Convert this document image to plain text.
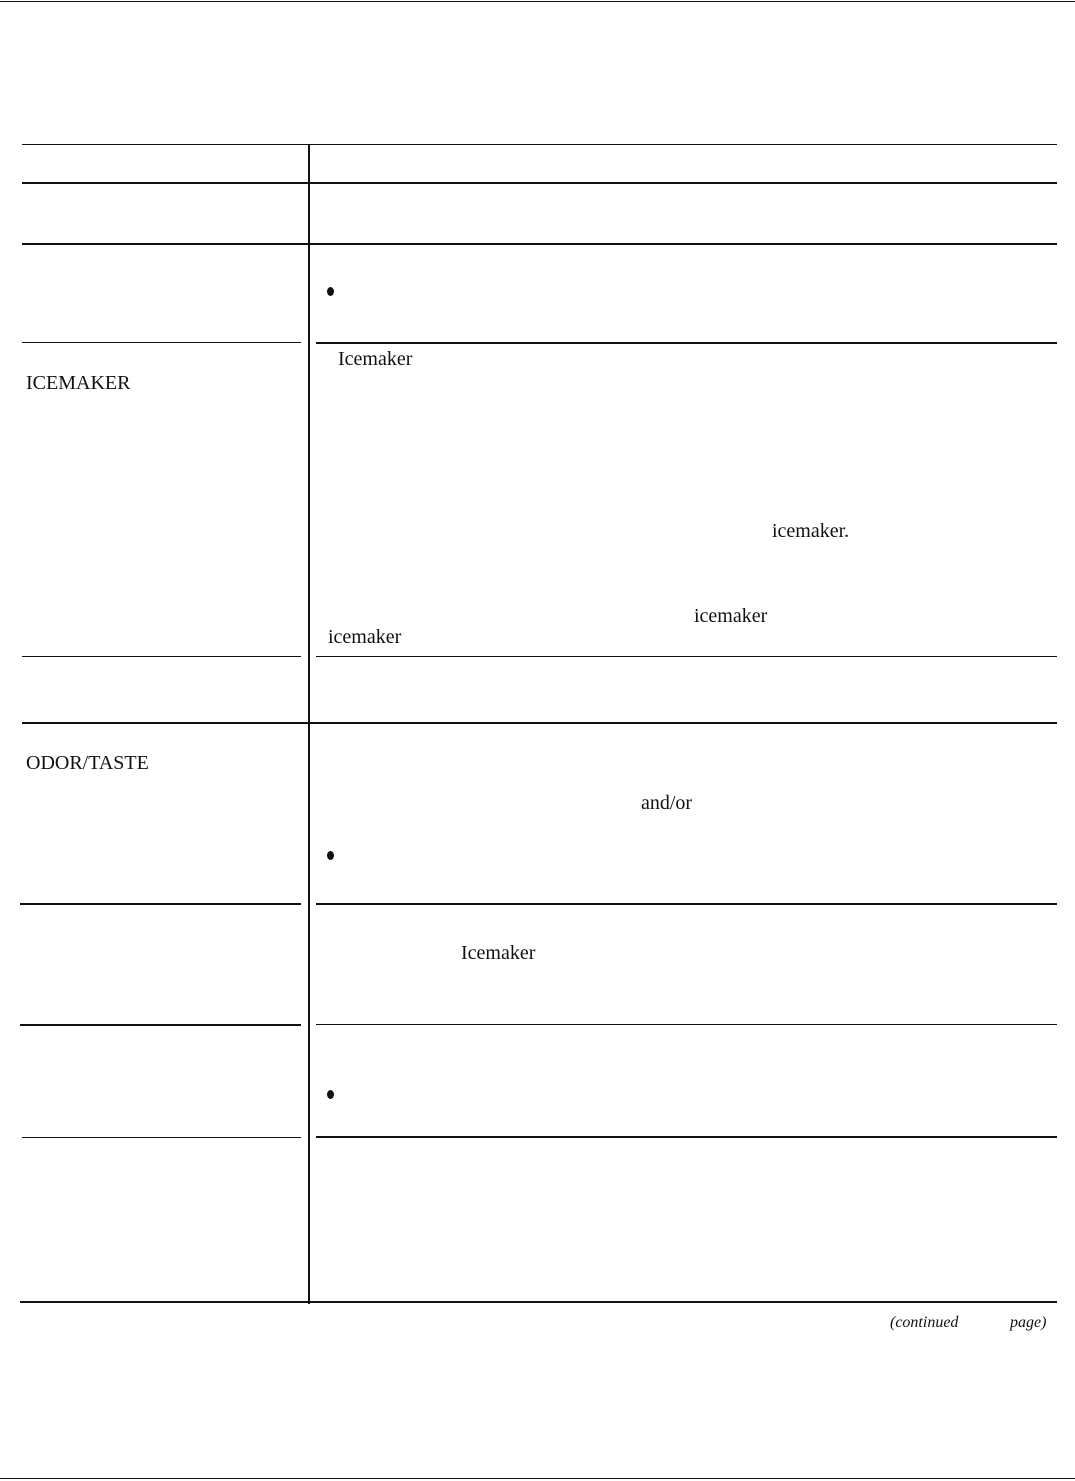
ICEMAKER
ODOR/TASTE
Icemaker
icemaker.
icemaker
icemaker
and/or
Icemaker
(continued	page)
